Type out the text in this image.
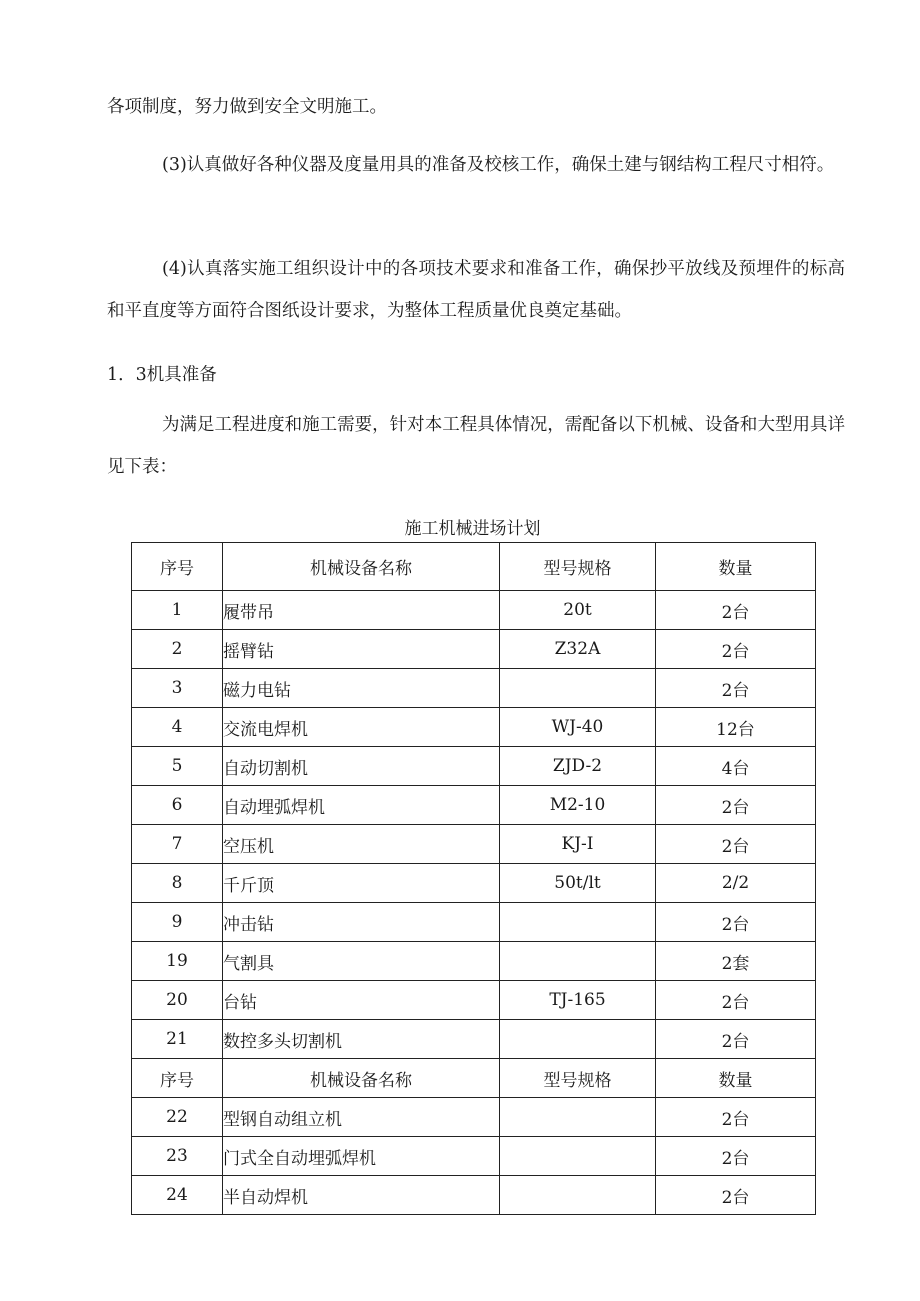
各项制度，努力做到安全文明施工。

(3)认真做好各种仪器及度量用具的准备及校核工作，确保土建与钢结构工程尺寸相符。

(4)认真落实施工组织设计中的各项技术要求和准备工作，确保抄平放线及预埋件的标高和平直度等方面符合图纸设计要求，为整体工程质量优良奠定基础。

1．3机具准备

为满足工程进度和施工需要，针对本工程具体情况，需配备以下机械、设备和大型用具详见下表：

施工机械进场计划

序号	机械设备名称	型号规格	数量
1	履带吊	20t	2台
2	摇臂钻	Z32A	2台
3	磁力电钻		2台
4	交流电焊机	WJ-40	12台
5	自动切割机	ZJD-2	4台
6	自动埋弧焊机	M2-10	2台
7	空压机	KJ-I	2台
8	千斤顶	50t∕lt	2/2
9	冲击钻		2台
19	气割具		2套
20	台钻	TJ-165	2台
21	数控多头切割机		2台
序号	机械设备名称	型号规格	数量
22	型钢自动组立机		2台
23	门式全自动埋弧焊机		2台
24	半自动焊机		2台
